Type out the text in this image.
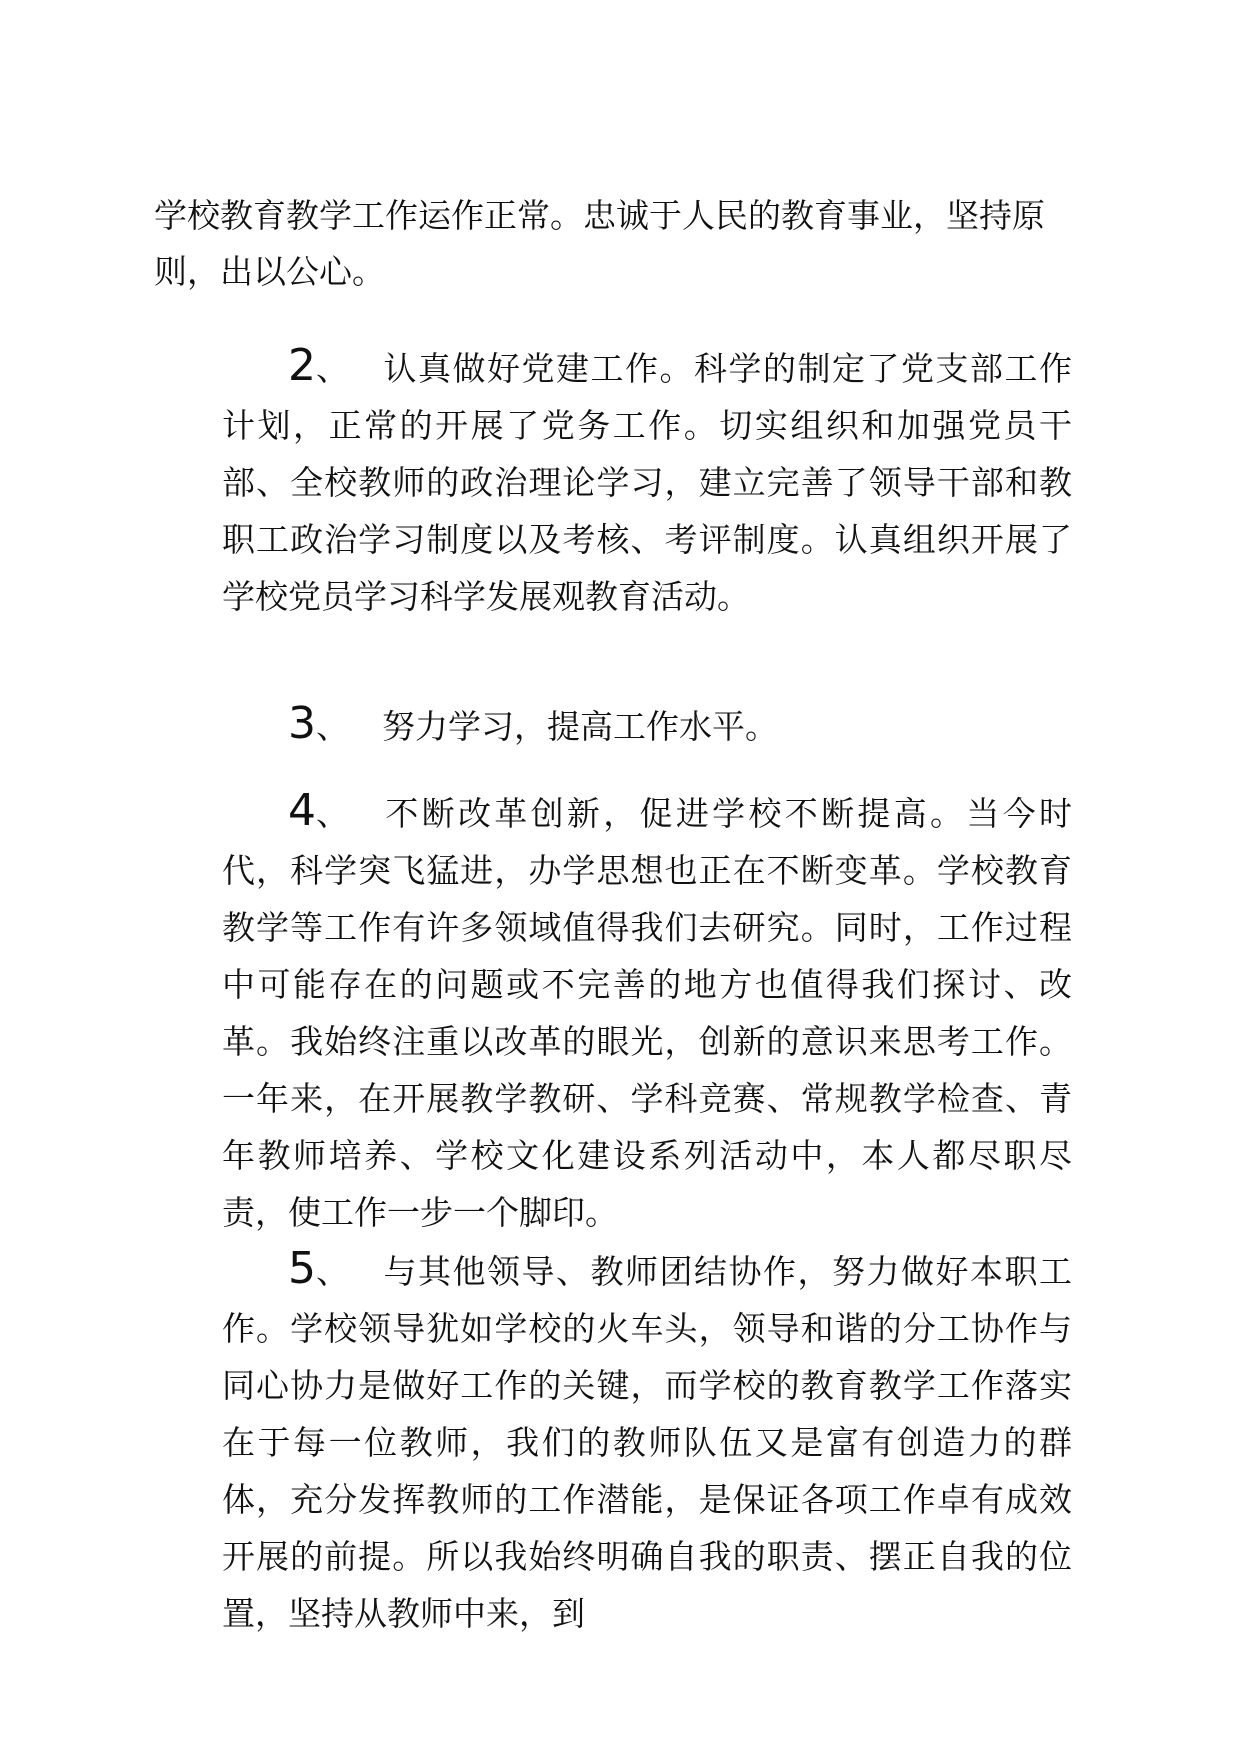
学校教育教学工作运作正常。忠诚于人民的教育事业，坚持原则，出以公心。

2、 认真做好党建工作。科学的制定了党支部工作计划，正常的开展了党务工作。切实组织和加强党员干部、全校教师的政治理论学习，建立完善了领导干部和教职工政治学习制度以及考核、考评制度。认真组织开展了学校党员学习科学发展观教育活动。

3、 努力学习，提高工作水平。

4、 不断改革创新，促进学校不断提高。当今时代，科学突飞猛进，办学思想也正在不断变革。学校教育教学等工作有许多领域值得我们去研究。同时，工作过程中可能存在的问题或不完善的地方也值得我们探讨、改革。我始终注重以改革的眼光，创新的意识来思考工作。一年来，在开展教学教研、学科竞赛、常规教学检查、青年教师培养、学校文化建设系列活动中，本人都尽职尽责，使工作一步一个脚印。

5、 与其他领导、教师团结协作，努力做好本职工作。学校领导犹如学校的火车头，领导和谐的分工协作与同心协力是做好工作的关键，而学校的教育教学工作落实在于每一位教师，我们的教师队伍又是富有创造力的群体，充分发挥教师的工作潜能，是保证各项工作卓有成效开展的前提。所以我始终明确自我的职责、摆正自我的位置，坚持从教师中来，到
